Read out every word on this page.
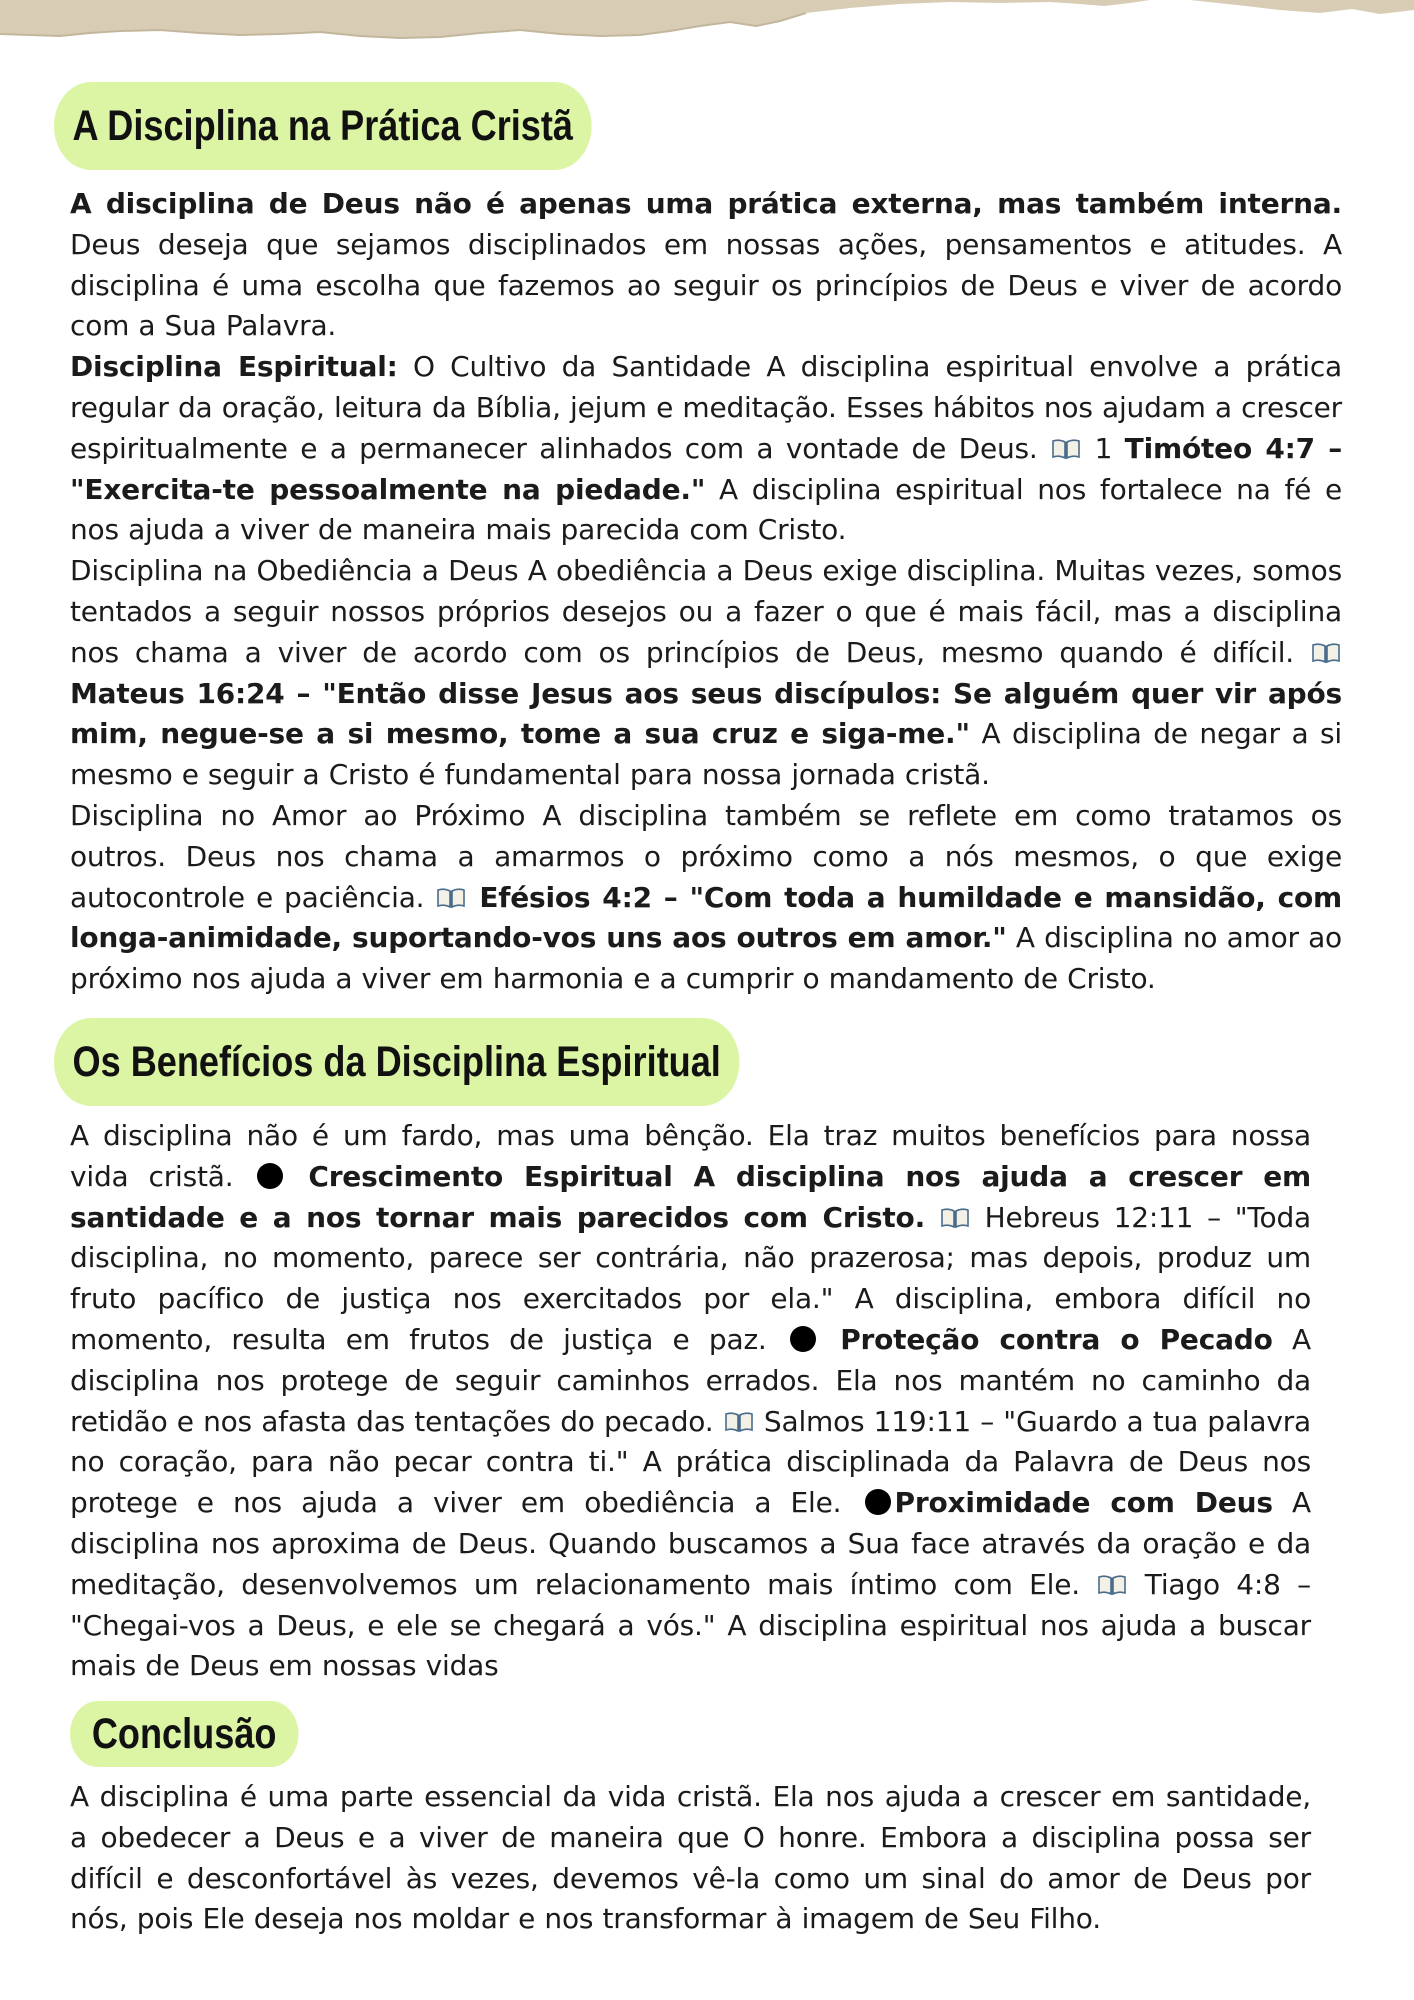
A Disciplina na Prática Cristã

A disciplina de Deus não é apenas uma prática externa, mas também interna. Deus deseja que sejamos disciplinados em nossas ações, pensamentos e atitudes. A disciplina é uma escolha que fazemos ao seguir os princípios de Deus e viver de acordo com a Sua Palavra.

Disciplina Espiritual: O Cultivo da Santidade A disciplina espiritual envolve a prática regular da oração, leitura da Bíblia, jejum e meditação. Esses hábitos nos ajudam a crescer espiritualmente e a permanecer alinhados com a vontade de Deus.
1 Timóteo 4:7 – "Exercita-te pessoalmente na piedade." A disciplina espiritual nos fortalece na fé e nos ajuda a viver de maneira mais parecida com Cristo.

Disciplina na Obediência a Deus A obediência a Deus exige disciplina. Muitas vezes, somos tentados a seguir nossos próprios desejos ou a fazer o que é mais fácil, mas a disciplina nos chama a viver de acordo com os princípios de Deus, mesmo quando é difícil.
Mateus 16:24 – "Então disse Jesus aos seus discípulos: Se alguém quer vir após mim, negue-se a si mesmo, tome a sua cruz e siga-me." A disciplina de negar a si mesmo e seguir a Cristo é fundamental para nossa jornada cristã.

Disciplina no Amor ao Próximo A disciplina também se reflete em como tratamos os outros. Deus nos chama a amarmos o próximo como a nós mesmos, o que exige autocontrole e paciência.
Efésios 4:2 – "Com toda a humildade e mansidão, com longa-animidade, suportando-vos uns aos outros em amor." A disciplina no amor ao próximo nos ajuda a viver em harmonia e a cumprir o mandamento de Cristo.

Os Benefícios da Disciplina Espiritual

A disciplina não é um fardo, mas uma bênção. Ela traz muitos benefícios para nossa vida cristã.  Crescimento Espiritual A disciplina nos ajuda a crescer em santidade e a nos tornar mais parecidos com Cristo.
Hebreus 12:11 – "Toda disciplina, no momento, parece ser contrária, não prazerosa; mas depois, produz um fruto pacífico de justiça nos exercitados por ela." A disciplina, embora difícil no momento, resulta em frutos de justiça e paz.  Proteção contra o Pecado A disciplina nos protege de seguir caminhos errados. Ela nos mantém no caminho da retidão e nos afasta das tentações do pecado.
Salmos 119:11 – "Guardo a tua palavra no coração, para não pecar contra ti." A prática disciplinada da Palavra de Deus nos protege e nos ajuda a viver em obediência a Ele. Proximidade com Deus A disciplina nos aproxima de Deus. Quando buscamos a Sua face através da oração e da meditação, desenvolvemos um relacionamento mais íntimo com Ele.
Tiago 4:8 – "Chegai-vos a Deus, e ele se chegará a vós." A disciplina espiritual nos ajuda a buscar mais de Deus em nossas vidas

Conclusão

A disciplina é uma parte essencial da vida cristã. Ela nos ajuda a crescer em santidade, a obedecer a Deus e a viver de maneira que O honre. Embora a disciplina possa ser difícil e desconfortável às vezes, devemos vê-la como um sinal do amor de Deus por nós, pois Ele deseja nos moldar e nos transformar à imagem de Seu Filho.
